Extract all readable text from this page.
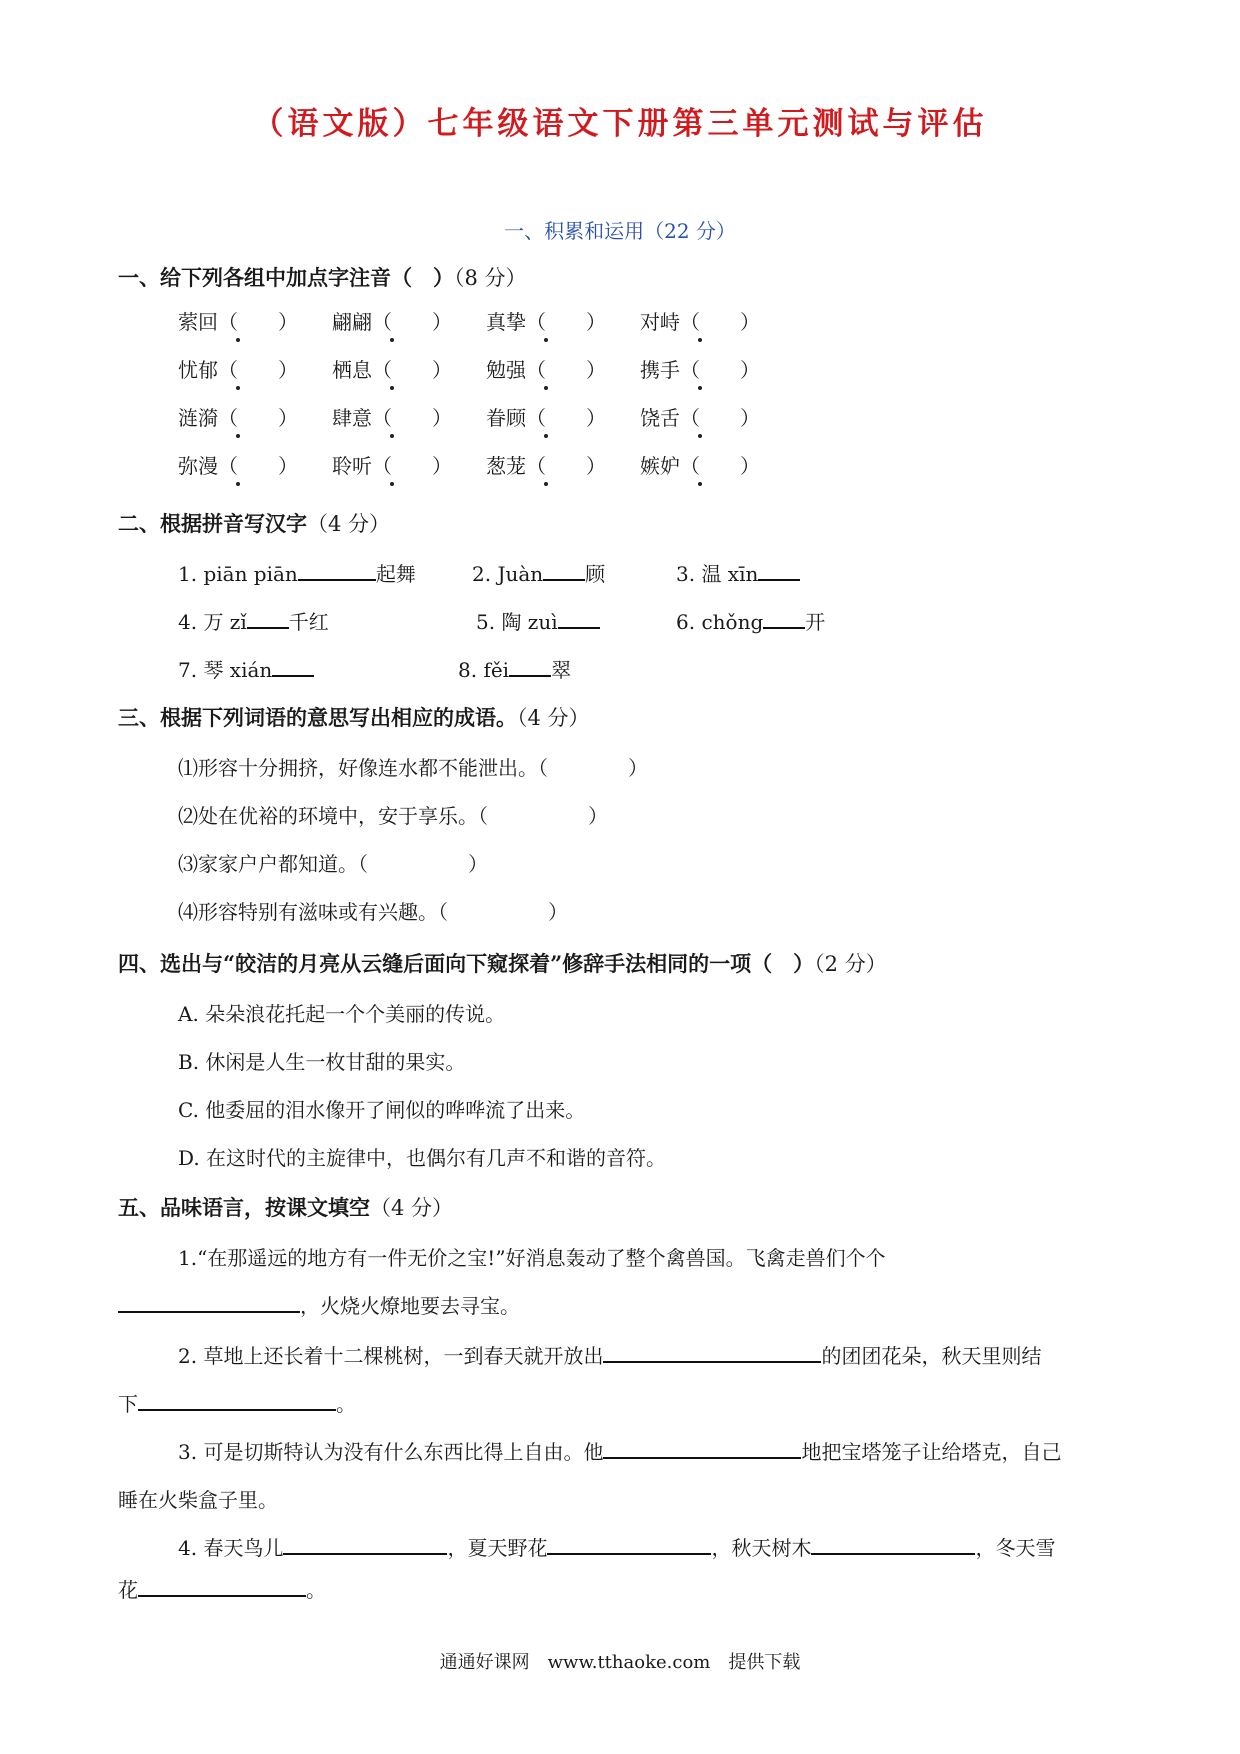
（语文版）七年级语文下册第三单元测试与评估
一、积累和运用（22 分）
一、给下列各组中加点字注音（　）（8 分）
萦回（　　） 翩翩（　　） 真挚（　　） 对峙（　　）
忧郁（　　） 栖息（　　） 勉强（　　） 携手（　　）
涟漪（　　） 肆意（　　） 眷顾（　　） 饶舌（　　）
弥漫（　　） 聆听（　　） 葱茏（　　） 嫉妒（　　）
二、根据拼音写汉字（4 分）
1. piān piān	起舞	2. Juàn 顾	3. 温 xīn
4. 万 zǐ 千红	5. 陶 zuì	6. chǒng 开
7. 琴 xián	8. fěi 翠
三、根据下列词语的意思写出相应的成语。（4 分）
⑴形容十分拥挤，好像连水都不能泄出。（　　　　）
⑵处在优裕的环境中，安于享乐。（　　　　　）
⑶家家户户都知道。（　　　　　）
⑷形容特别有滋味或有兴趣。（　　　　　）
四、选出与“皎洁的月亮从云缝后面向下窥探着”修辞手法相同的一项（　）（2 分）
A. 朵朵浪花托起一个个美丽的传说。
B. 休闲是人生一枚甘甜的果实。
C. 他委屈的泪水像开了闸似的哗哗流了出来。
D. 在这时代的主旋律中，也偶尔有几声不和谐的音符。
五、品味语言，按课文填空（4 分）
1.“在那遥远的地方有一件无价之宝!”好消息轰动了整个禽兽国。飞禽走兽们个个
，火烧火燎地要去寻宝。
2. 草地上还长着十二棵桃树，一到春天就开放出	的团团花朵，秋天里则结
下	。
3. 可是切斯特认为没有什么东西比得上自由。他	地把宝塔笼子让给塔克，自己
睡在火柴盒子里。
4. 春天鸟儿	，夏天野花	，秋天树木	，冬天雪
花	。
通通好课网　www.tthaoke.com　提供下载
